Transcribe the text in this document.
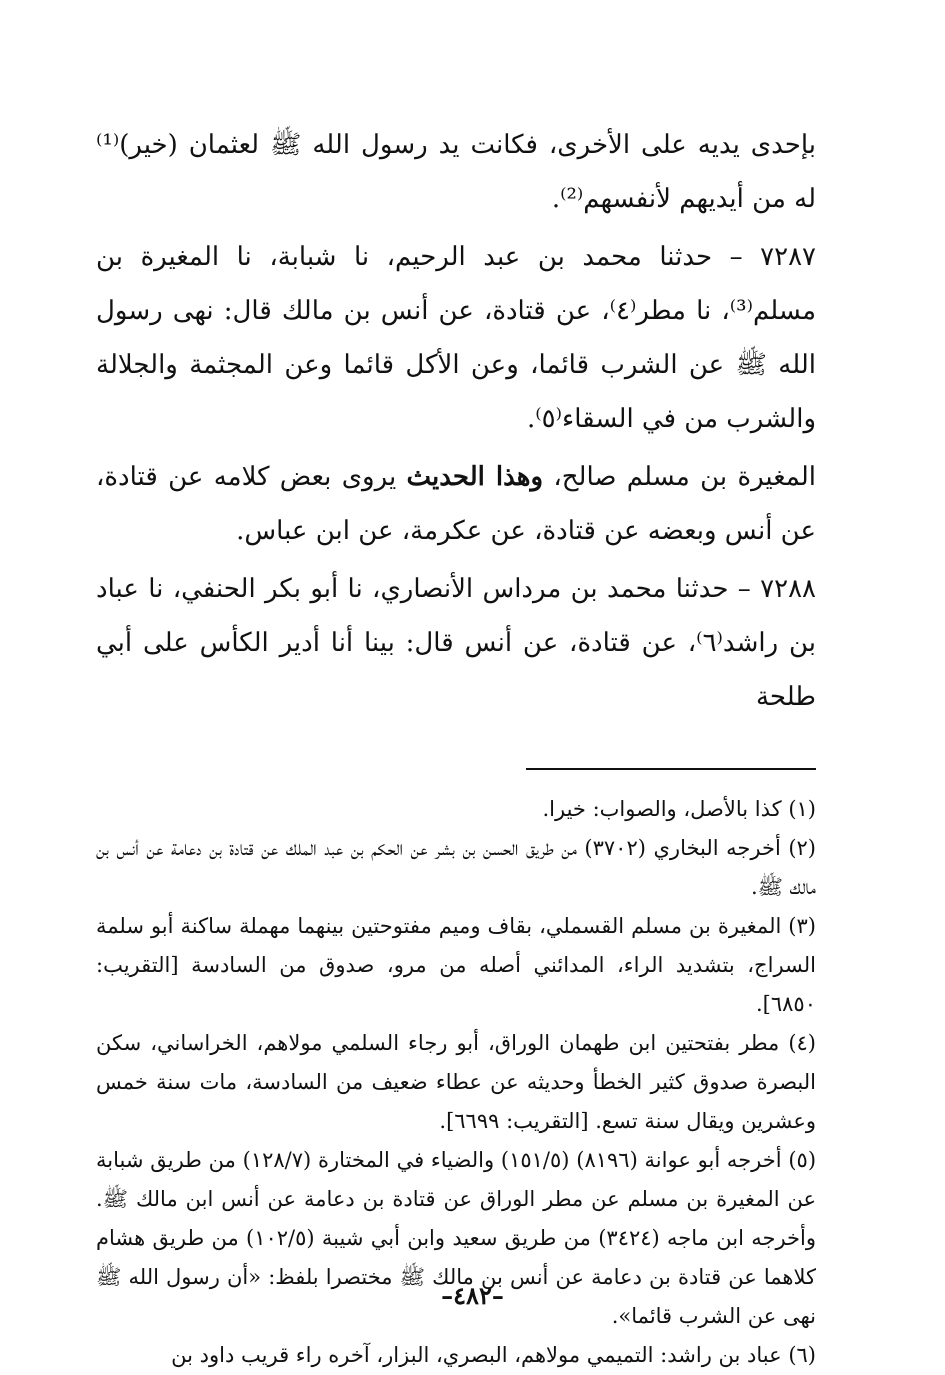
بإحدى يديه على الأخرى، فكانت يد رسول الله ﷺ لعثمان (خير)⁽¹⁾ له من أيديهم لأنفسهم⁽²⁾.

٧٢٨٧ – حدثنا محمد بن عبد الرحيم، نا شبابة، نا المغيرة بن مسلم⁽³⁾، نا مطر⁽٤⁾، عن قتادة، عن أنس بن مالك قال: نهى رسول الله ﷺ عن الشرب قائما، وعن الأكل قائما وعن المجثمة والجلالة والشرب من في السقاء⁽٥⁾.

المغيرة بن مسلم صالح، وهذا الحديث يروى بعض كلامه عن قتادة، عن أنس وبعضه عن قتادة، عن عكرمة، عن ابن عباس.

٧٢٨٨ – حدثنا محمد بن مرداس الأنصاري، نا أبو بكر الحنفي، نا عباد بن راشد⁽٦⁾، عن قتادة، عن أنس قال: بينا أنا أدير الكأس على أبي طلحة

(١) كذا بالأصل، والصواب: خيرا.

(٢) أخرجه البخاري (٣٧٠٢) من طريق الحسن بن بشر عن الحكم بن عبد الملك عن قتادة بن دعامة عن أنس بن مالك ﷺ.

(٣) المغيرة بن مسلم القسملي، بقاف وميم مفتوحتين بينهما مهملة ساكنة أبو سلمة السراج، بتشديد الراء، المدائني أصله من مرو، صدوق من السادسة [التقريب: ٦٨٥٠].

(٤) مطر بفتحتين ابن طهمان الوراق، أبو رجاء السلمي مولاهم، الخراساني، سكن البصرة صدوق كثير الخطأ وحديثه عن عطاء ضعيف من السادسة، مات سنة خمس وعشرين ويقال سنة تسع. [التقريب: ٦٦٩٩].

(٥) أخرجه أبو عوانة (٨١٩٦) (١٥١/٥) والضياء في المختارة (١٢٨/٧) من طريق شبابة عن المغيرة بن مسلم عن مطر الوراق عن قتادة بن دعامة عن أنس ابن مالك ﷺ. وأخرجه ابن ماجه (٣٤٢٤) من طريق سعيد وابن أبي شيبة (١٠٢/٥) من طريق هشام كلاهما عن قتادة بن دعامة عن أنس بن مالك ﷺ مختصرا بلفظ: «أن رسول الله ﷺ نهى عن الشرب قائما».

(٦) عباد بن راشد: التميمي مولاهم، البصري، البزار، آخره راء قريب داود بن

–٤٨٢–
